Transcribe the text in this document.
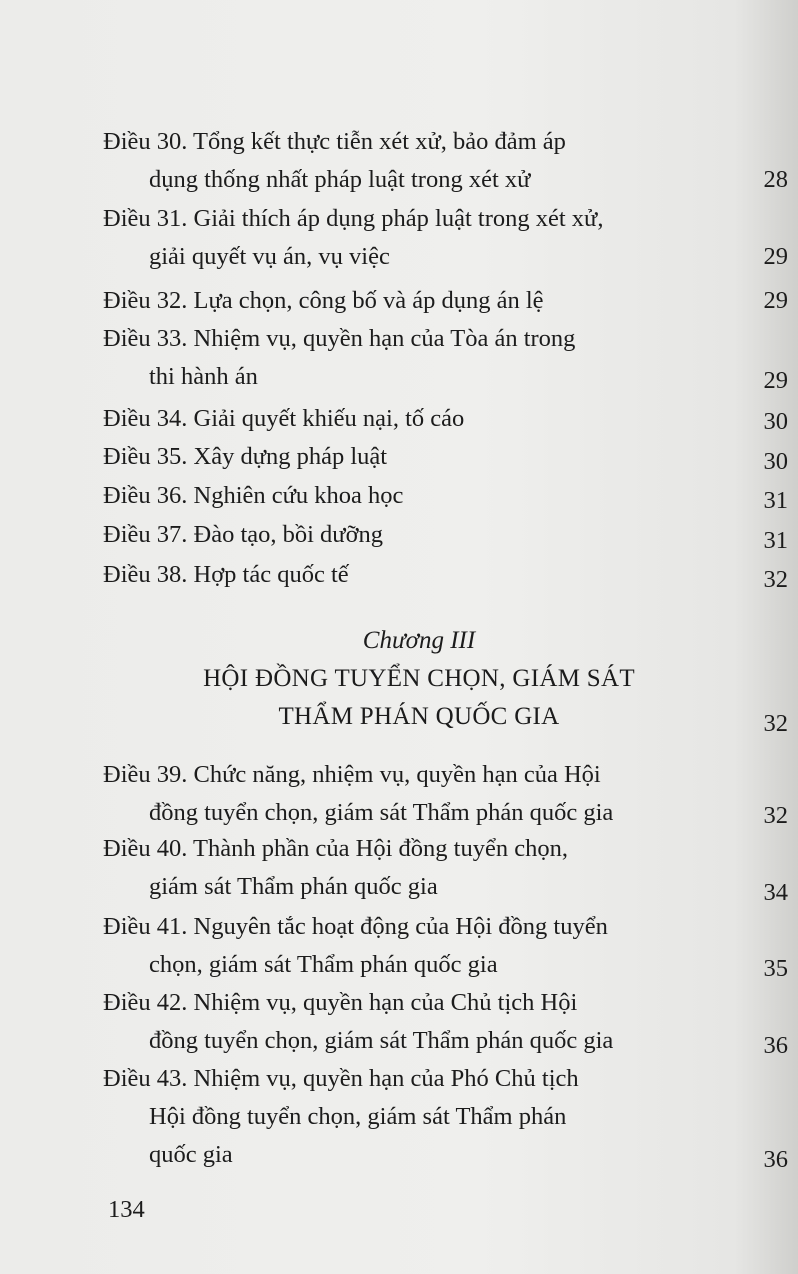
Điều 30. Tổng kết thực tiễn xét xử, bảo đảm áp
dụng thống nhất pháp luật trong xét xử	28
Điều 31. Giải thích áp dụng pháp luật trong xét xử,
giải quyết vụ án, vụ việc	29
Điều 32. Lựa chọn, công bố và áp dụng án lệ	29
Điều 33. Nhiệm vụ, quyền hạn của Tòa án trong
thi hành án	29
Điều 34. Giải quyết khiếu nại, tố cáo	30
Điều 35. Xây dựng pháp luật	30
Điều 36. Nghiên cứu khoa học	31
Điều 37. Đào tạo, bồi dưỡng	31
Điều 38. Hợp tác quốc tế	32
Chương III
HỘI ĐỒNG TUYỂN CHỌN, GIÁM SÁT
THẨM PHÁN QUỐC GIA	32
Điều 39. Chức năng, nhiệm vụ, quyền hạn của Hội
đồng tuyển chọn, giám sát Thẩm phán quốc gia	32
Điều 40. Thành phần của Hội đồng tuyển chọn,
giám sát Thẩm phán quốc gia	34
Điều 41. Nguyên tắc hoạt động của Hội đồng tuyển
chọn, giám sát Thẩm phán quốc gia	35
Điều 42. Nhiệm vụ, quyền hạn của Chủ tịch Hội
đồng tuyển chọn, giám sát Thẩm phán quốc gia	36
Điều 43. Nhiệm vụ, quyền hạn của Phó Chủ tịch
Hội đồng tuyển chọn, giám sát Thẩm phán
quốc gia	36
134
